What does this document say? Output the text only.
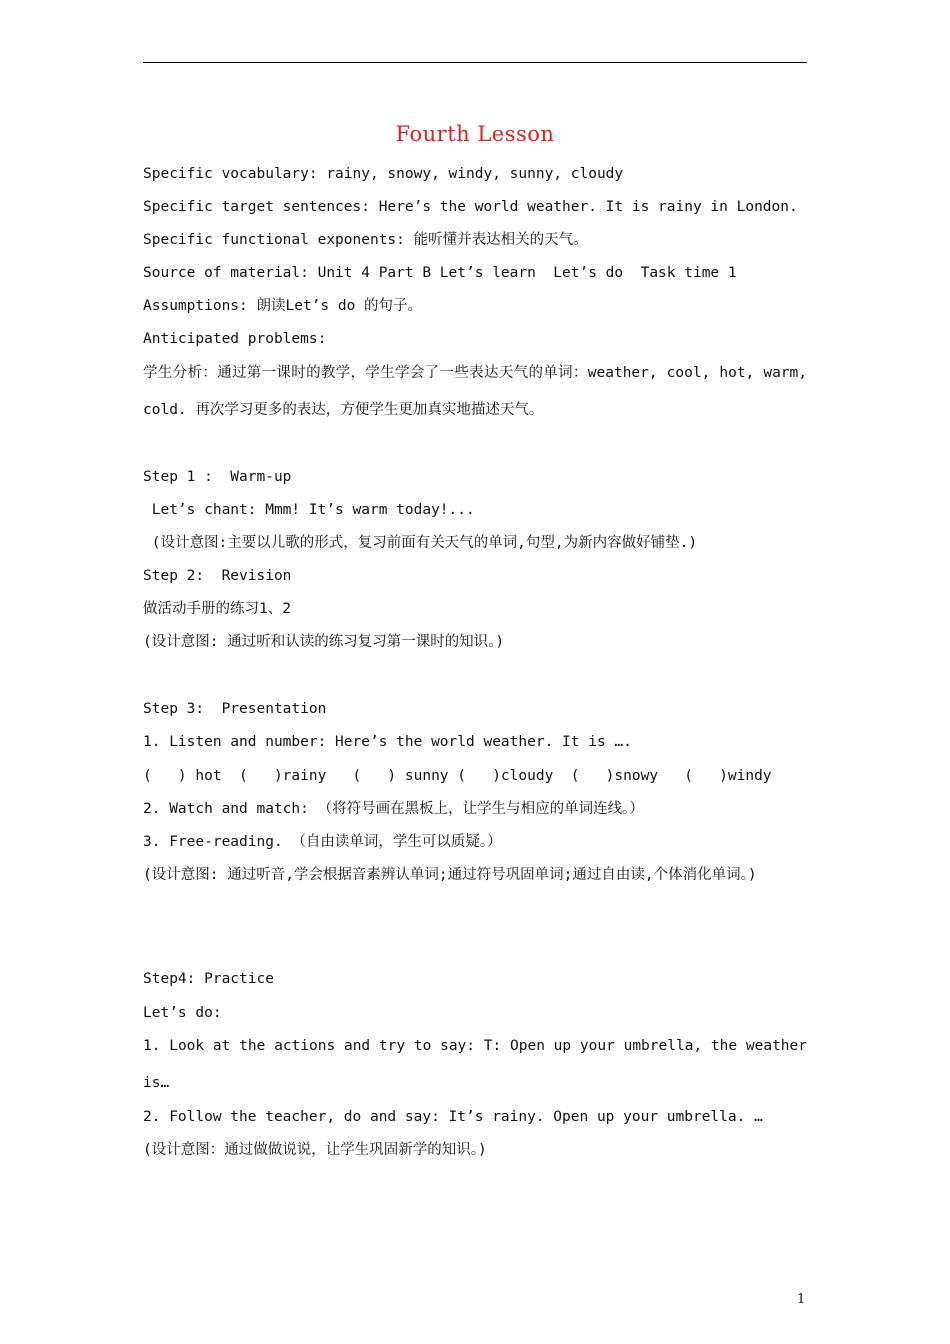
Fourth Lesson
Specific vocabulary: rainy, snowy, windy, sunny, cloudy
Specific target sentences: Here’s the world weather. It is rainy in London.
Specific functional exponents: 能听懂并表达相关的天气。
Source of material: Unit 4 Part B Let’s learn  Let’s do  Task time 1
Assumptions: 朗读Let’s do 的句子。
Anticipated problems:
学生分析：通过第一课时的教学，学生学会了一些表达天气的单词：weather, cool, hot, warm, cold. 再次学习更多的表达，方便学生更加真实地描述天气。
Step 1 :  Warm-up
Let’s chant: Mmm! It’s warm today!...
(设计意图:主要以儿歌的形式，复习前面有关天气的单词,句型,为新内容做好铺垫.)
Step 2:  Revision
做活动手册的练习1、2
(设计意图: 通过听和认读的练习复习第一课时的知识。)
Step 3:  Presentation
1. Listen and number: Here’s the world weather. It is ….
(   ) hot  (   )rainy   (   ) sunny (   )cloudy  (   )snowy   (   )windy
2. Watch and match: （将符号画在黑板上，让学生与相应的单词连线。）
3. Free-reading. （自由读单词，学生可以质疑。）
(设计意图: 通过听音,学会根据音素辨认单词;通过符号巩固单词;通过自由读,个体消化单词。)
Step4: Practice
Let’s do:
1. Look at the actions and try to say: T: Open up your umbrella, the weather is…
2. Follow the teacher, do and say: It’s rainy. Open up your umbrella. …
(设计意图：通过做做说说，让学生巩固新学的知识。)
1
